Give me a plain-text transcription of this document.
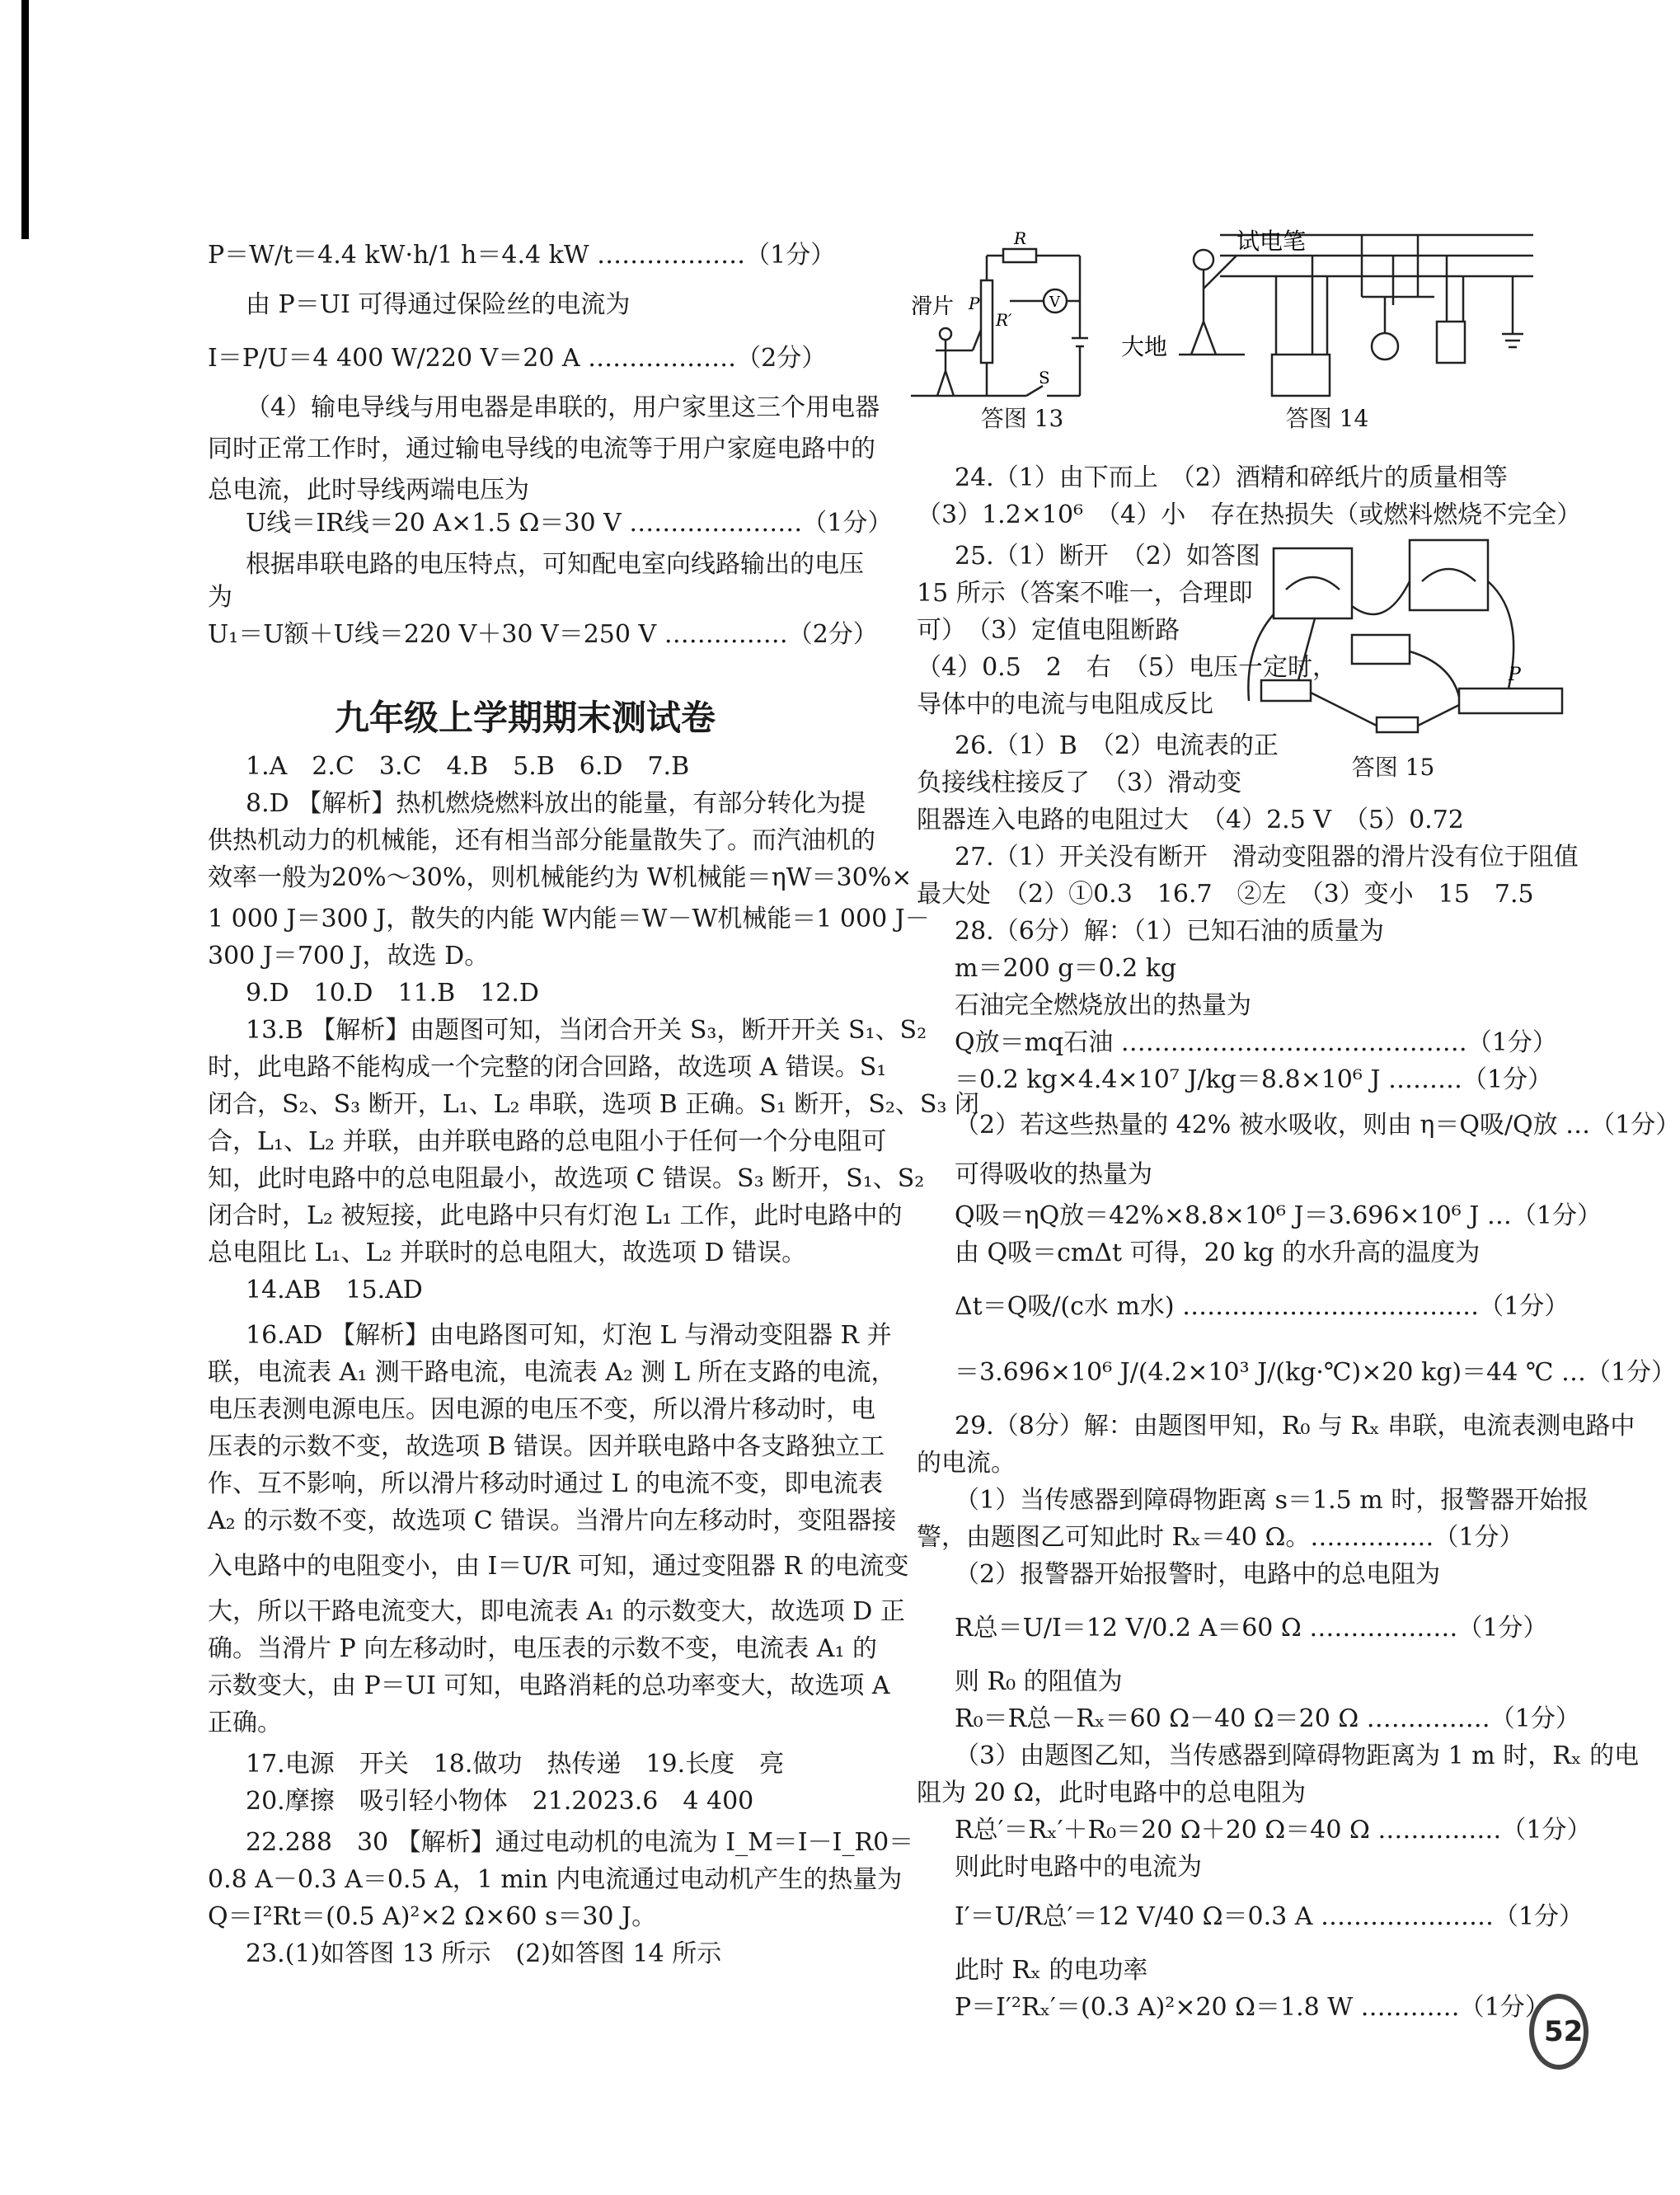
P＝W/t＝4.4 kW·h/1 h＝4.4 kW ………………（1分）
由 P＝UI 可得通过保险丝的电流为
I＝P/U＝4 400 W/220 V＝20 A ………………（2分）
（4）输电导线与用电器是串联的，用户家里这三个用电器
同时正常工作时，通过输电导线的电流等于用户家庭电路中的
总电流，此时导线两端电压为
U线＝IR线＝20 A×1.5 Ω＝30 V …………………（1分）
根据串联电路的电压特点，可知配电室向线路输出的电压
为
U₁＝U额＋U线＝220 V＋30 V＝250 V ……………（2分）
九年级上学期期末测试卷
1.A　2.C　3.C　4.B　5.B　6.D　7.B
8.D 【解析】热机燃烧燃料放出的能量，有部分转化为提
供热机动力的机械能，还有相当部分能量散失了。而汽油机的
效率一般为20%～30%，则机械能约为 W机械能＝ηW＝30%×
1 000 J＝300 J，散失的内能 W内能＝W－W机械能＝1 000 J－
300 J＝700 J，故选 D。
9.D　10.D　11.B　12.D
13.B 【解析】由题图可知，当闭合开关 S₃，断开开关 S₁、S₂
时，此电路不能构成一个完整的闭合回路，故选项 A 错误。S₁
闭合，S₂、S₃ 断开，L₁、L₂ 串联，选项 B 正确。S₁ 断开，S₂、S₃ 闭
合，L₁、L₂ 并联，由并联电路的总电阻小于任何一个分电阻可
知，此时电路中的总电阻最小，故选项 C 错误。S₃ 断开，S₁、S₂
闭合时，L₂ 被短接，此电路中只有灯泡 L₁ 工作，此时电路中的
总电阻比 L₁、L₂ 并联时的总电阻大，故选项 D 错误。
14.AB　15.AD
16.AD 【解析】由电路图可知，灯泡 L 与滑动变阻器 R 并
联，电流表 A₁ 测干路电流，电流表 A₂ 测 L 所在支路的电流，
电压表测电源电压。因电源的电压不变，所以滑片移动时，电
压表的示数不变，故选项 B 错误。因并联电路中各支路独立工
作、互不影响，所以滑片移动时通过 L 的电流不变，即电流表
A₂ 的示数不变，故选项 C 错误。当滑片向左移动时，变阻器接
入电路中的电阻变小，由 I＝U/R 可知，通过变阻器 R 的电流变
大，所以干路电流变大，即电流表 A₁ 的示数变大，故选项 D 正
确。当滑片 P 向左移动时，电压表的示数不变，电流表 A₁ 的
示数变大，由 P＝UI 可知，电路消耗的总功率变大，故选项 A
正确。
17.电源　开关　18.做功　热传递　19.长度　亮
20.摩擦　吸引轻小物体　21.2023.6　4 400
22.288　30 【解析】通过电动机的电流为 I_M＝I－I_R0＝
0.8 A－0.3 A＝0.5 A，1 min 内电流通过电动机产生的热量为
Q＝I²Rt＝(0.5 A)²×2 Ω×60 s＝30 J。
23.(1)如答图 13 所示　(2)如答图 14 所示
滑片 P
R
R′
V
S
答图 13
试电笔
大地
答图 14
P
答图 15
24.（1）由下而上　（2）酒精和碎纸片的质量相等
（3）1.2×10⁶　（4）小　存在热损失（或燃料燃烧不完全）
25.（1）断开　（2）如答图
15 所示（答案不唯一，合理即
可）　（3）定值电阻断路
（4）0.5　2　右　（5）电压一定时，
导体中的电流与电阻成反比
26.（1）B　（2）电流表的正
负接线柱接反了　（3）滑动变
阻器连入电路的电阻过大　（4）2.5 V　（5）0.72
27.（1）开关没有断开　滑动变阻器的滑片没有位于阻值
最大处　（2）①0.3　16.7　②左　（3）变小　15　7.5
28.（6分）解：（1）已知石油的质量为
m＝200 g＝0.2 kg
石油完全燃烧放出的热量为
Q放＝mq石油 ……………………………………（1分）
＝0.2 kg×4.4×10⁷ J/kg＝8.8×10⁶ J ………（1分）
（2）若这些热量的 42% 被水吸收，则由 η＝Q吸/Q放 …（1分）
可得吸收的热量为
Q吸＝ηQ放＝42%×8.8×10⁶ J＝3.696×10⁶ J …（1分）
由 Q吸＝cmΔt 可得，20 kg 的水升高的温度为
Δt＝Q吸/(c水 m水) ………………………………（1分）
＝3.696×10⁶ J/(4.2×10³ J/(kg·℃)×20 kg)＝44 ℃ …（1分）
29.（8分）解：由题图甲知，R₀ 与 Rₓ 串联，电流表测电路中
的电流。
（1）当传感器到障碍物距离 s＝1.5 m 时，报警器开始报
警，由题图乙可知此时 Rₓ＝40 Ω。……………（1分）
（2）报警器开始报警时，电路中的总电阻为
R总＝U/I＝12 V/0.2 A＝60 Ω ………………（1分）
则 R₀ 的阻值为
R₀＝R总－Rₓ＝60 Ω－40 Ω＝20 Ω ……………（1分）
（3）由题图乙知，当传感器到障碍物距离为 1 m 时，Rₓ 的电
阻为 20 Ω，此时电路中的总电阻为
R总′＝Rₓ′＋R₀＝20 Ω＋20 Ω＝40 Ω ……………（1分）
则此时电路中的电流为
I′＝U/R总′＝12 V/40 Ω＝0.3 A …………………（1分）
此时 Rₓ 的电功率
P＝I′²Rₓ′＝(0.3 A)²×20 Ω＝1.8 W …………（1分）
52
